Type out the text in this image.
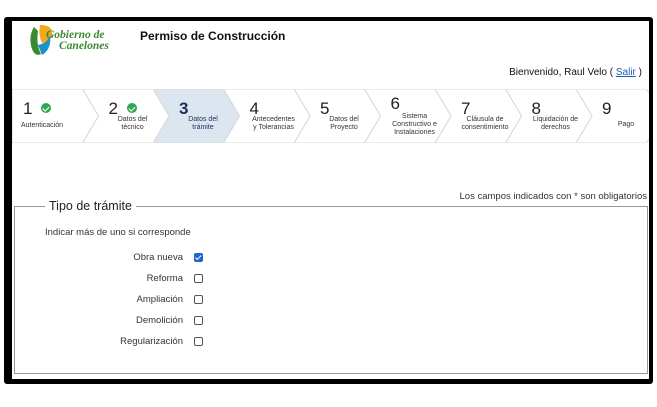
Gobierno de
Canelones
Permiso de Construcción
Bienvenido, Raul Velo ( Salir )
1
Autenticación
2
Datos del
técnico
3
Datos del
trámite
4
Antecedentes
y Tolerancias
5
Datos del
Proyecto
6
Sistema
Constructivo e
Instalaciones
7
Cláusula de
consentimiento
8
Liquidación de
derechos
9
Pago
Los campos indicados con * son obligatorios
Tipo de trámite
Indicar más de uno si corresponde
Obra nueva
Reforma
Ampliación
Demolición
Regularización
